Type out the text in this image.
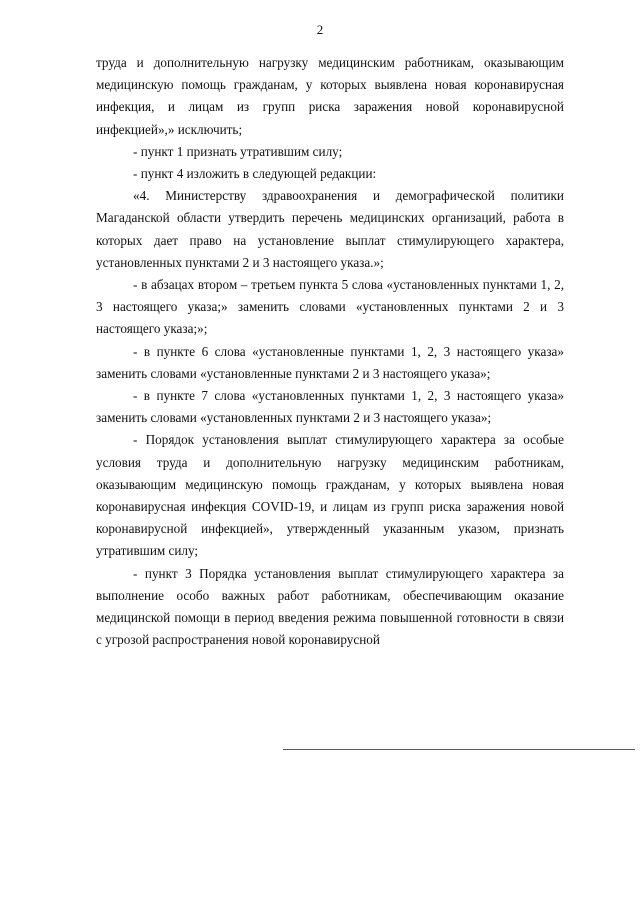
2

труда и дополнительную нагрузку медицинским работникам, оказывающим медицинскую помощь гражданам, у которых выявлена новая коронавирусная инфекция, и лицам из групп риска заражения новой коронавирусной инфекцией»,» исключить;

- пункт 1 признать утратившим силу;

- пункт 4 изложить в следующей редакции:

«4. Министерству здравоохранения и демографической политики Магаданской области утвердить перечень медицинских организаций, работа в которых дает право на установление выплат стимулирующего характера, установленных пунктами 2 и 3 настоящего указа.»;

- в абзацах втором – третьем пункта 5 слова «установленных пунктами 1, 2, 3 настоящего указа;» заменить словами «установленных пунктами 2 и 3 настоящего указа;»;

- в пункте 6 слова «установленные пунктами 1, 2, 3 настоящего указа» заменить словами «установленные пунктами 2 и 3 настоящего указа»;

- в пункте 7 слова «установленных пунктами 1, 2, 3 настоящего указа» заменить словами «установленных пунктами 2 и 3 настоящего указа»;

- Порядок установления выплат стимулирующего характера за особые условия труда и дополнительную нагрузку медицинским работникам, оказывающим медицинскую помощь гражданам, у которых выявлена новая коронавирусная инфекция COVID-19, и лицам из групп риска заражения новой коронавирусной инфекцией», утвержденный указанным указом, признать утратившим силу;

- пункт 3 Порядка установления выплат стимулирующего характера за выполнение особо важных работ работникам, обеспечивающим оказание медицинской помощи в период введения режима повышенной готовности в связи с угрозой распространения новой коронавирусной
